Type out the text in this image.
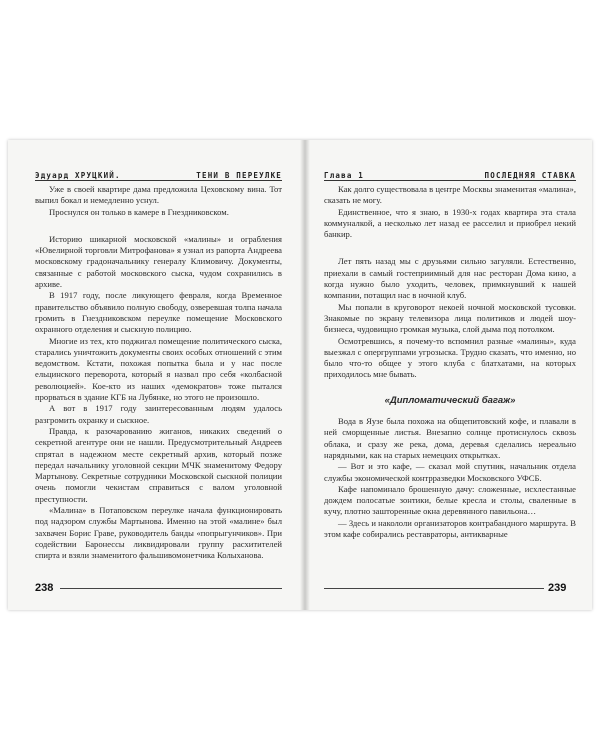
Эдуард ХРУЦКИЙ.	ТЕНИ В ПЕРЕУЛКЕ

Уже в своей квартире дама предложила Цеховскому вина. Тот выпил бокал и немедленно уснул.

Проснулся он только в камере в Гнездниковском.

Историю шикарной московской «малины» и ограбления «Ювелирной торговли Митрофанова» я узнал из рапорта Андреева московскому градоначальнику генералу Климовичу. Документы, связанные с работой московского сыска, чудом сохранились в архиве.

В 1917 году, после ликующего февраля, когда Временное правительство объявило полную свободу, озверевшая толпа начала громить в Гнездниковском переулке помещение Московского охранного отделения и сыскную полицию.

Многие из тех, кто поджигал помещение политического сыска, старались уничтожить документы своих особых отношений с этим ведомством. Кстати, похожая попытка была и у нас после ельцинского переворота, который я назвал про себя «колбасной революцией». Кое-кто из наших «демократов» тоже пытался прорваться в здание КГБ на Лубянке, но этого не произошло.

А вот в 1917 году заинтересованным людям удалось разгромить охранку и сыскное.

Правда, к разочарованию жиганов, никаких сведений о секретной агентуре они не нашли. Предусмотрительный Андреев спрятал в надежном месте секретный архив, который позже передал начальнику уголовной секции МЧК знаменитому Федору Мартынову. Секретные сотрудники Московской сыскной полиции очень помогли чекистам справиться с валом уголовной преступности.

«Малина» в Потаповском переулке начала функционировать под надзором службы Мартынова. Именно на этой «малине» был захвачен Борис Граве, руководитель банды «попрыгунчиков». При содействии Баронессы ликвидировали группу расхитителей спирта и взяли знаменитого фальшивомонетчика Колыханова.

238
Глава 1	ПОСЛЕДНЯЯ СТАВКА

Как долго существовала в центре Москвы знаменитая «малина», сказать не могу.

Единственное, что я знаю, в 1930-х годах квартира эта стала коммуналкой, а несколько лет назад ее расселил и приобрел некий банкир.

Лет пять назад мы с друзьями сильно загуляли. Естественно, приехали в самый гостеприимный для нас ресторан Дома кино, а когда нужно было уходить, человек, примкнувший к нашей компании, потащил нас в ночной клуб.

Мы попали в круговорот некоей ночной московской тусовки. Знакомые по экрану телевизора лица политиков и людей шоу-бизнеса, чудовищно громкая музыка, слой дыма под потолком.

Осмотревшись, я почему-то вспомнил разные «малины», куда выезжал с опергруппами угрозыска. Трудно сказать, что именно, но было что-то общее у этого клуба с блатхатами, на которых приходилось мне бывать.

«Дипломатический багаж»

Вода в Яузе была похожа на общепитовский кофе, и плавали в ней сморщенные листья. Внезапно солнце протиснулось сквозь облака, и сразу же река, дома, деревья сделались нереально нарядными, как на старых немецких открытках.

— Вот и это кафе, — сказал мой спутник, начальник отдела службы экономической контрразведки Московского УФСБ.

Кафе напоминало брошенную дачу: сложенные, исхлестанные дождем полосатые зонтики, белые кресла и столы, сваленные в кучу, плотно зашторенные окна деревянного павильона…

— Здесь и накололи организаторов контрабандного маршрута. В этом кафе собирались реставраторы, антикварные

239
